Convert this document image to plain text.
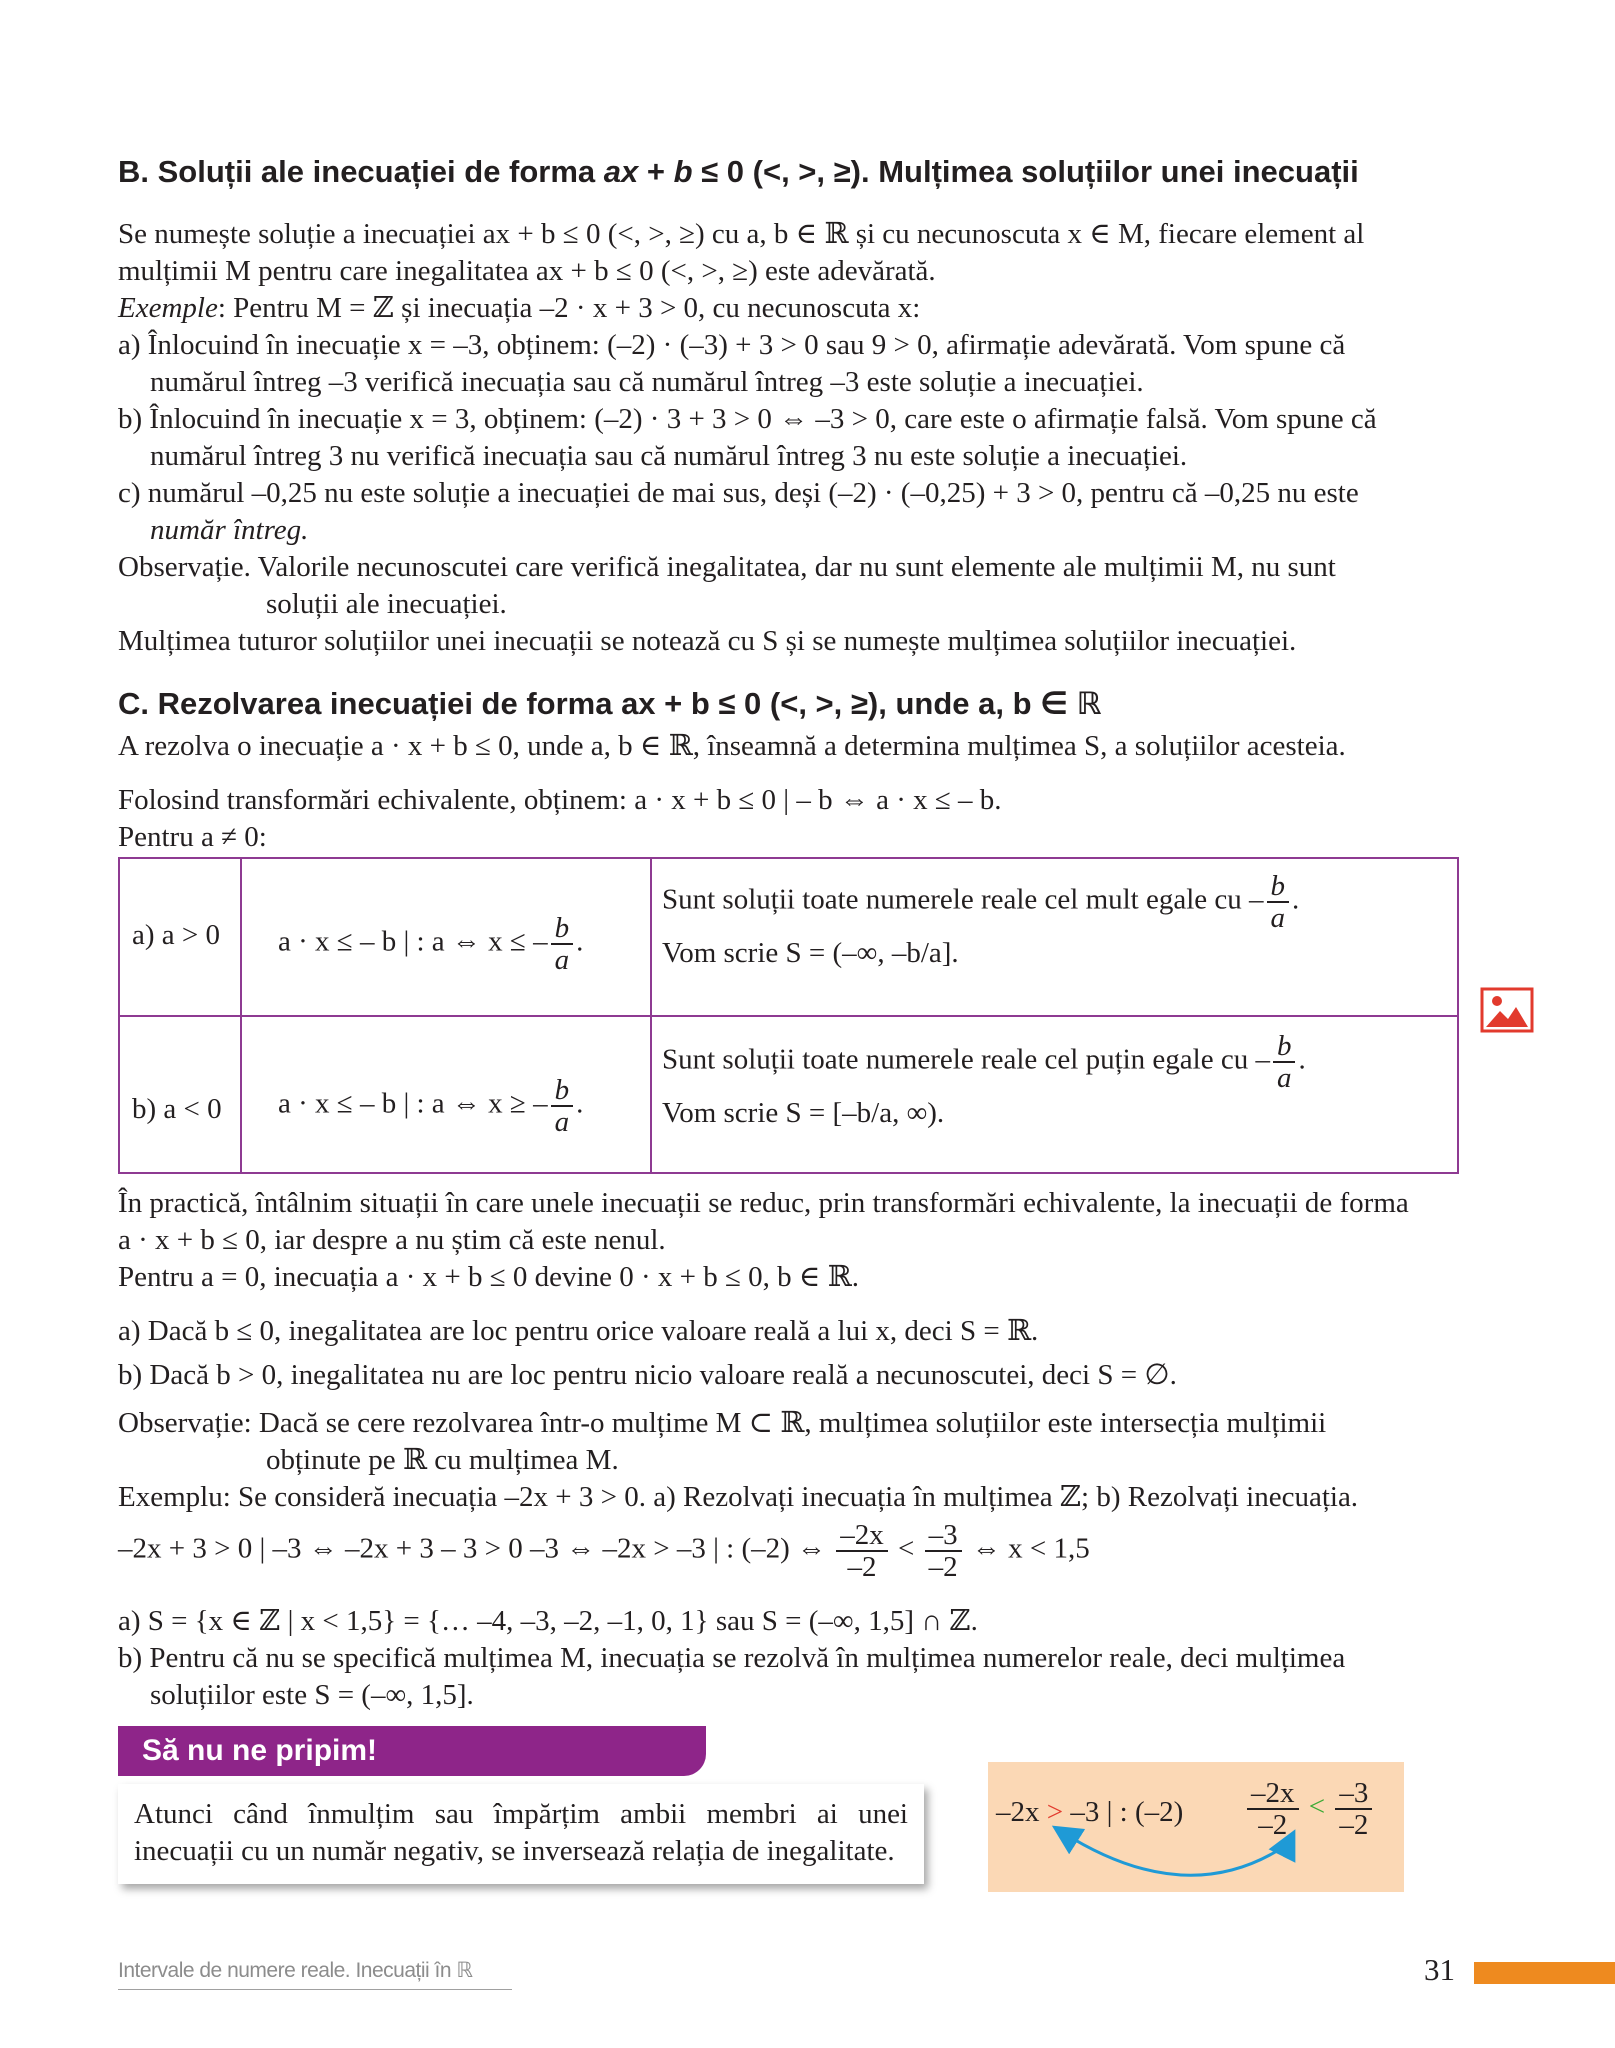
B. Soluții ale inecuației de forma ax + b ≤ 0 (<, >, ≥). Mulțimea soluțiilor unei inecuații
Se numește soluție a inecuației ax + b ≤ 0 (<, >, ≥) cu a, b ∈ ℝ și cu necunoscuta x ∈ M, fiecare element al
mulțimii M pentru care inegalitatea ax + b ≤ 0 (<, >, ≥) este adevărată.
Exemple: Pentru M = ℤ și inecuația –2 · x + 3 > 0, cu necunoscuta x:
a) Înlocuind în inecuație x = –3, obținem: (–2) · (–3) + 3 > 0 sau 9 > 0, afirmație adevărată. Vom spune că
numărul întreg –3 verifică inecuația sau că numărul întreg –3 este soluție a inecuației.
b) Înlocuind în inecuație x = 3, obținem: (–2) · 3 + 3 > 0 ⇔ –3 > 0, care este o afirmație falsă. Vom spune că
numărul întreg 3 nu verifică inecuația sau că numărul întreg 3 nu este soluție a inecuației.
c) numărul –0,25 nu este soluție a inecuației de mai sus, deși (–2) · (–0,25) + 3 > 0, pentru că –0,25 nu este
număr întreg.
Observație. Valorile necunoscutei care verifică inegalitatea, dar nu sunt elemente ale mulțimii M, nu sunt
soluții ale inecuației.
Mulțimea tuturor soluțiilor unei inecuații se notează cu S și se numește mulțimea soluțiilor inecuației.
C. Rezolvarea inecuației de forma ax + b ≤ 0 (<, >, ≥), unde a, b ∈ ℝ
A rezolva o inecuație a · x + b ≤ 0, unde a, b ∈ ℝ, înseamnă a determina mulțimea S, a soluțiilor acesteia.
Folosind transformări echivalente, obținem: a · x + b ≤ 0 | – b ⇔ a · x ≤ – b.
Pentru a ≠ 0:
a) a > 0 a · x ≤ – b | : a ⇔ x ≤ – $\frac{b}{a}$ .
Sunt soluții toate numerele reale cel mult egale cu – $\frac{b}{a}$ .
Vom scrie S = (–∞, –b/a].
b) a < 0 a · x ≤ – b | : a ⇔ x ≥ – $\frac{b}{a}$ .
Sunt soluții toate numerele reale cel puțin egale cu – $\frac{b}{a}$ .
Vom scrie S = [–b/a, ∞).
În practică, întâlnim situații în care unele inecuații se reduc, prin transformări echivalente, la inecuații de forma
a · x + b ≤ 0, iar despre a nu știm că este nenul.
Pentru a = 0, inecuația a · x + b ≤ 0 devine 0 · x + b ≤ 0, b ∈ ℝ.
a) Dacă b ≤ 0, inegalitatea are loc pentru orice valoare reală a lui x, deci S = ℝ.
b) Dacă b > 0, inegalitatea nu are loc pentru nicio valoare reală a necunoscutei, deci S = ∅.
Observație: Dacă se cere rezolvarea într-o mulțime M ⊂ ℝ, mulțimea soluțiilor este intersecția mulțimii
obținute pe ℝ cu mulțimea M.
Exemplu: Se consideră inecuația –2x + 3 > 0. a) Rezolvați inecuația în mulțimea ℤ; b) Rezolvați inecuația.
–2x + 3 > 0 | –3 ⇔ –2x + 3 – 3 > 0 –3 ⇔ –2x > –3 | : (–2) ⇔ $\frac{-2x}{-2} < \frac{-3}{-2}$ ⇔ x < 1,5
a) S = {x ∈ ℤ | x < 1,5} = {… –4, –3, –2, –1, 0, 1} sau S = (–∞, 1,5] ∩ ℤ.
b) Pentru că nu se specifică mulțimea M, inecuația se rezolvă în mulțimea numerelor reale, deci mulțimea
soluțiilor este S = (–∞, 1,5].
Să nu ne pripim!
Atunci când înmulțim sau împărțim ambii membri ai unei
inecuații cu un număr negativ, se inversează relația de inegalitate.
–2x > –3 | : $(-2) \frac{-2x}{-2} < \frac{-3}{-2}$
Intervale de numere reale. Inecuații în ℝ	31
